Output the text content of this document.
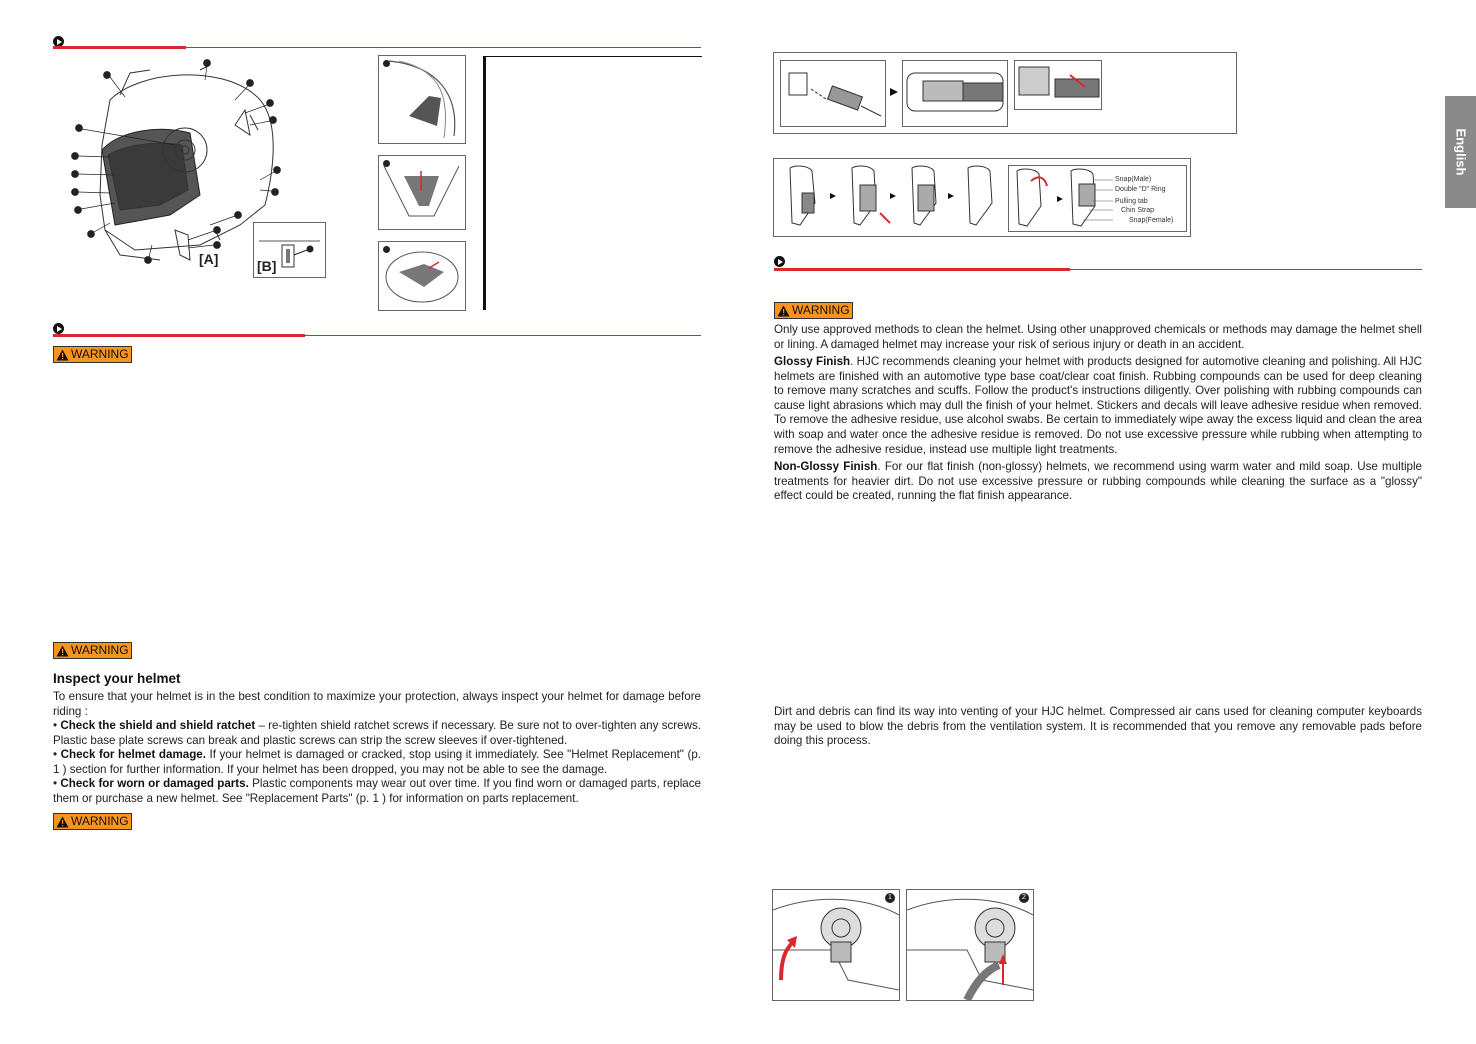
[A]	[B]
WARNING
WARNING
Inspect your helmet
To ensure that your helmet is in the best condition to maximize your protection, always inspect your helmet for damage before riding :
• Check the shield and shield ratchet – re-tighten shield ratchet screws if necessary. Be sure not to over-tighten any screws. Plastic base plate screws can break and plastic screws can strip the screw sleeves if over-tightened.
• Check for helmet damage. If your helmet is damaged or cracked, stop using it immediately. See "Helmet Replacement" (p. 1 ) section for further information. If your helmet has been dropped, you may not be able to see the damage.
• Check for worn or damaged parts. Plastic components may wear out over time. If you find worn or damaged parts, replace them or purchase a new helmet. See "Replacement Parts" (p. 1 ) for information on parts replacement.
WARNING
Snap(Male)
Double "D" Ring
Pulling tab
Chin Strap
Snap(Female)
WARNING
Only use approved methods to clean the helmet. Using other unapproved chemicals or methods may damage the helmet shell or lining. A damaged helmet may increase your risk of serious injury or death in an accident.
Glossy Finish. HJC recommends cleaning your helmet with products designed for automotive cleaning and polishing. All HJC helmets are finished with an automotive type base coat/clear coat finish. Rubbing compounds can be used for deep cleaning to remove many scratches and scuffs. Follow the product's instructions diligently. Over polishing with rubbing compounds can cause light abrasions which may dull the finish of your helmet. Stickers and decals will leave adhesive residue when removed. To remove the adhesive residue, use alcohol swabs. Be certain to immediately wipe away the excess liquid and clean the area with soap and water once the adhesive residue is removed. Do not use excessive pressure while rubbing when attempting to remove the adhesive residue, instead use multiple light treatments.
Non-Glossy Finish. For our flat finish (non-glossy) helmets, we recommend using warm water and mild soap. Use multiple treatments for heavier dirt. Do not use excessive pressure or rubbing compounds while cleaning the surface as a "glossy" effect could be created, running the flat finish appearance.
Dirt and debris can find its way into venting of your HJC helmet. Compressed air cans used for cleaning computer keyboards may be used to blow the debris from the ventilation system. It is recommended that you remove any removable pads before doing this process.
1	2
English
